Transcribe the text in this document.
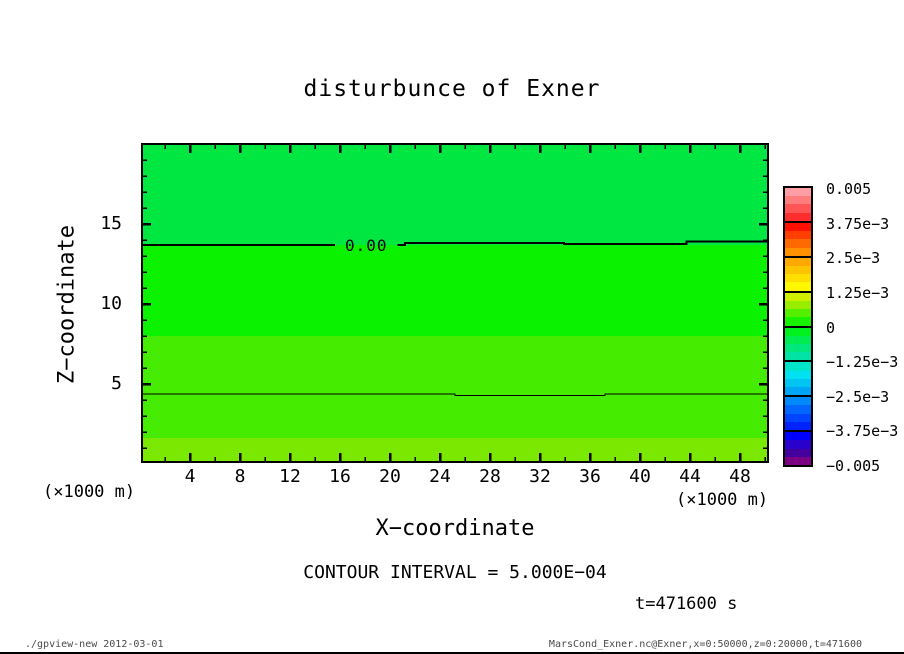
disturbunce of Exner
Z−coordinate	0.00
5
10
15
4	8	12	16	20	24	28	32	36	40	44	48
(×1000 m)	(×1000 m)
X−coordinate
0.005
3.75e−3
2.5e−3
1.25e−3
0
−1.25e−3
−2.5e−3
−3.75e−3
−0.005
CONTOUR INTERVAL = 5.000E−04
t=471600 s
./gpview-new 2012-03-01	MarsCond_Exner.nc@Exner,x=0:50000,z=0:20000,t=471600
